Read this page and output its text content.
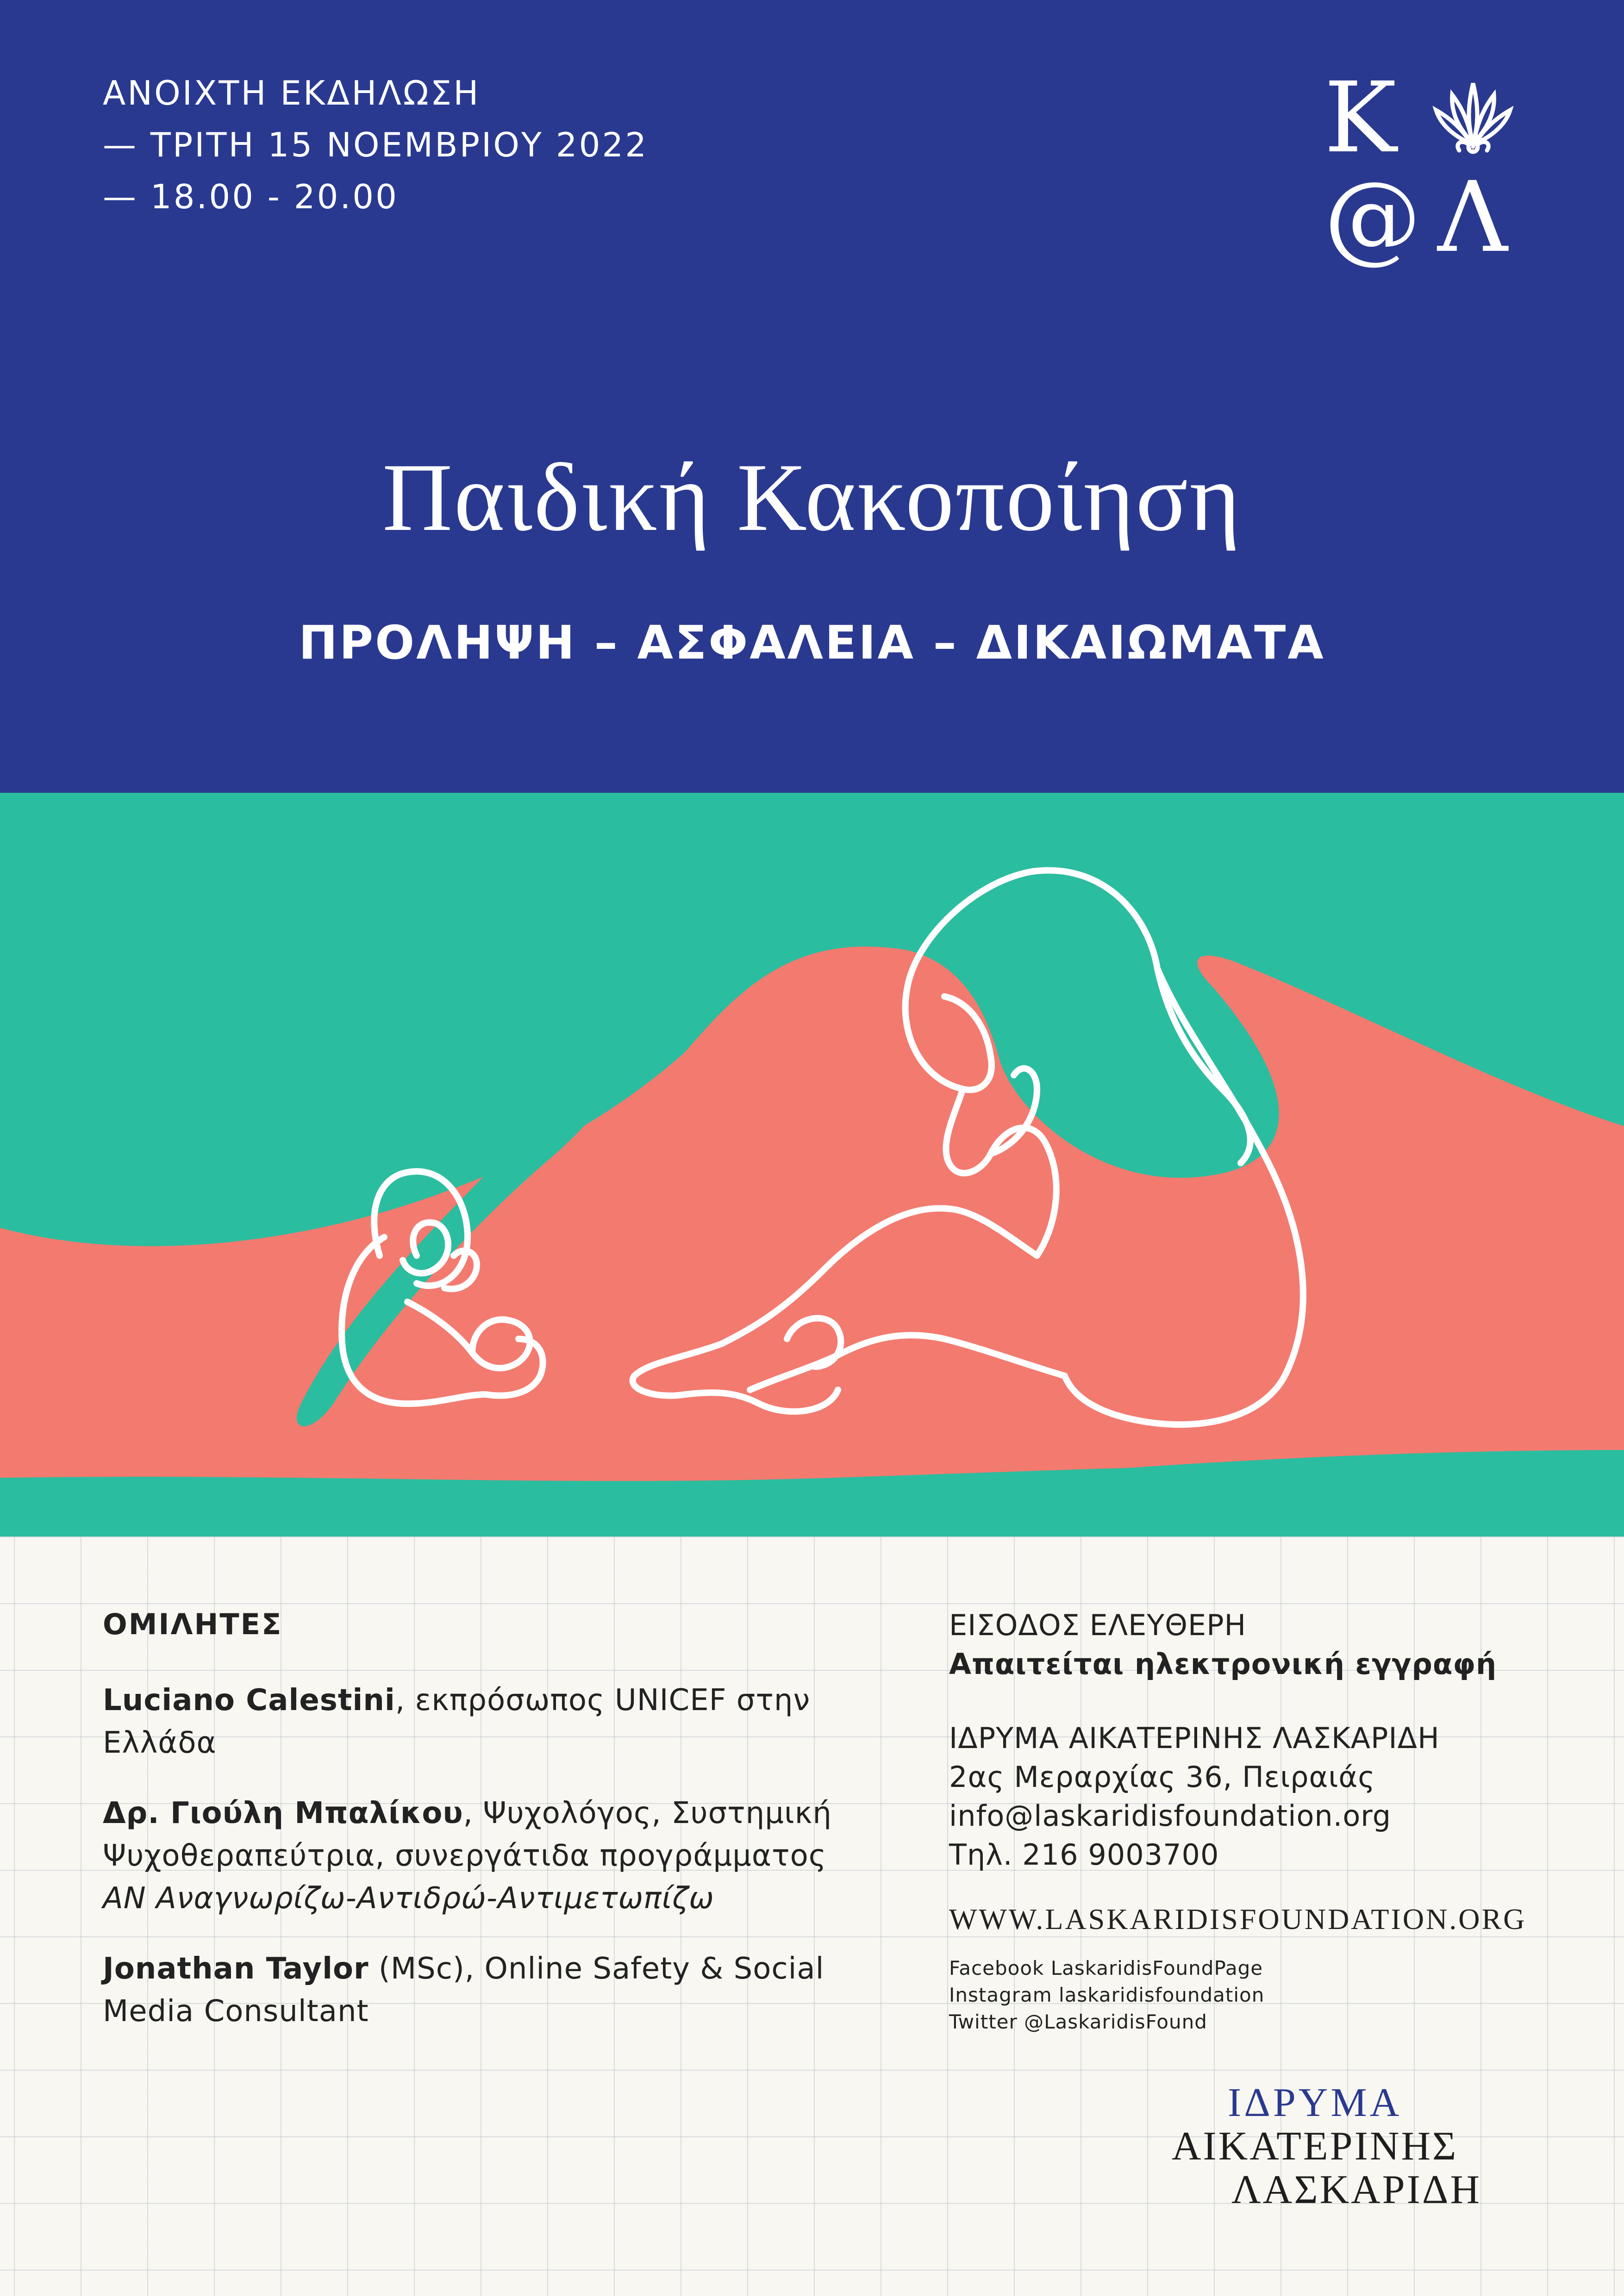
ΑΝΟΙΧΤΗ ΕΚΔΗΛΩΣΗ
— ΤΡΙΤΗ 15 ΝΟΕΜΒΡΙΟΥ 2022
— 18.00 - 20.00
Κ
@ Λ
Παιδική Κακοποίηση
ΠΡΟΛΗΨΗ – ΑΣΦΑΛΕΙΑ – ΔΙΚΑΙΩΜΑΤΑ
ΟΜΙΛΗΤΕΣ
Luciano Calestini, εκπρόσωπος UNICEF στην Ελλάδα
Δρ. Γιούλη Μπαλίκου, Ψυχολόγος, Συστημική Ψυχοθεραπεύτρια, συνεργάτιδα προγράμματος
ΑΝ Αναγνωρίζω-Αντιδρώ-Αντιμετωπίζω
Jonathan Taylor (MSc), Online Safety & Social Media Consultant
ΕΙΣΟΔΟΣ ΕΛΕΥΘΕΡΗ
Απαιτείται ηλεκτρονική εγγραφή
ΙΔΡΥΜΑ ΑΙΚΑΤΕΡΙΝΗΣ ΛΑΣΚΑΡΙΔΗ
2ας Μεραρχίας 36, Πειραιάς
info@laskaridisfoundation.org
Τηλ. 216 9003700
WWW.LASKARIDISFOUNDATION.ORG
Facebook LaskaridisFoundPage
Instagram laskaridisfoundation
Twitter @LaskaridisFound
ΙΔΡΥΜΑ
ΑΙΚΑΤΕΡΙΝΗΣ
ΛΑΣΚΑΡΙΔΗ
